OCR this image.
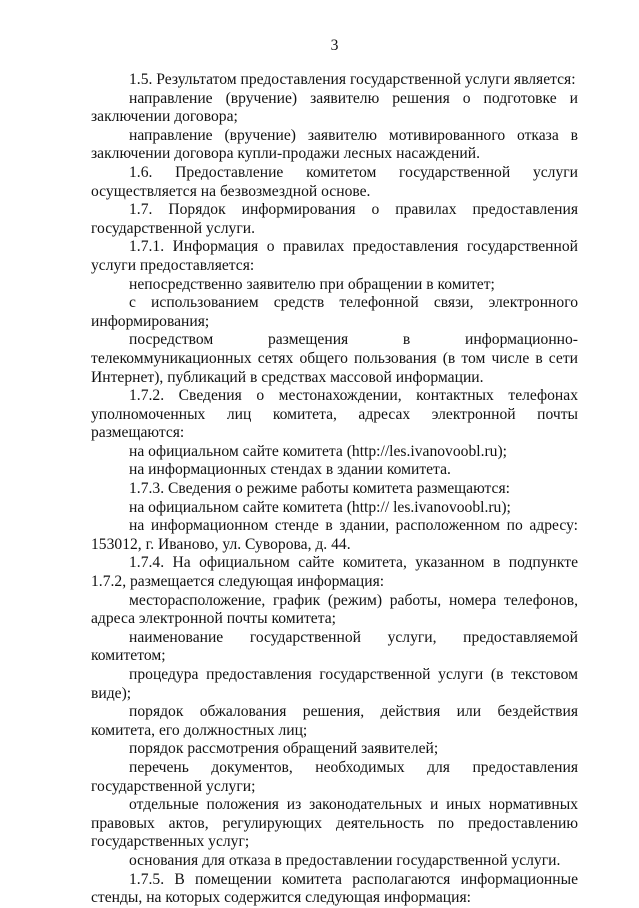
3

1.5. Результатом предоставления государственной услуги является:

направление (вручение) заявителю решения о подготовке и заключении договора;

направление (вручение) заявителю мотивированного отказа в заключении договора купли-продажи лесных насаждений.

1.6. Предоставление комитетом государственной услуги осуществляется на безвозмездной основе.

1.7. Порядок информирования о правилах предоставления государственной услуги.

1.7.1. Информация о правилах предоставления государственной услуги предоставляется:

непосредственно заявителю при обращении в комитет;

с использованием средств телефонной связи, электронного информирования;

посредством размещения в информационно-телекоммуникационных сетях общего пользования (в том числе в сети Интернет), публикаций в средствах массовой информации.

1.7.2. Сведения о местонахождении, контактных телефонах уполномоченных лиц комитета, адресах электронной почты размещаются:

на официальном сайте комитета (http://les.ivanovoobl.ru);

на информационных стендах в здании комитета.

1.7.3. Сведения о режиме работы комитета размещаются:

на официальном сайте комитета (http:// les.ivanovoobl.ru);

на информационном стенде в здании, расположенном по адресу: 153012, г. Иваново, ул. Суворова, д. 44.

1.7.4. На официальном сайте комитета, указанном в подпункте 1.7.2, размещается следующая информация:

месторасположение, график (режим) работы, номера телефонов, адреса электронной почты комитета;

наименование государственной услуги, предоставляемой комитетом;

процедура предоставления государственной услуги (в текстовом виде);

порядок обжалования решения, действия или бездействия комитета, его должностных лиц;

порядок рассмотрения обращений заявителей;

перечень документов, необходимых для предоставления государственной услуги;

отдельные положения из законодательных и иных нормативных правовых актов, регулирующих деятельность по предоставлению государственных услуг;

основания для отказа в предоставлении государственной услуги.

1.7.5. В помещении комитета располагаются информационные стенды, на которых содержится следующая информация:
